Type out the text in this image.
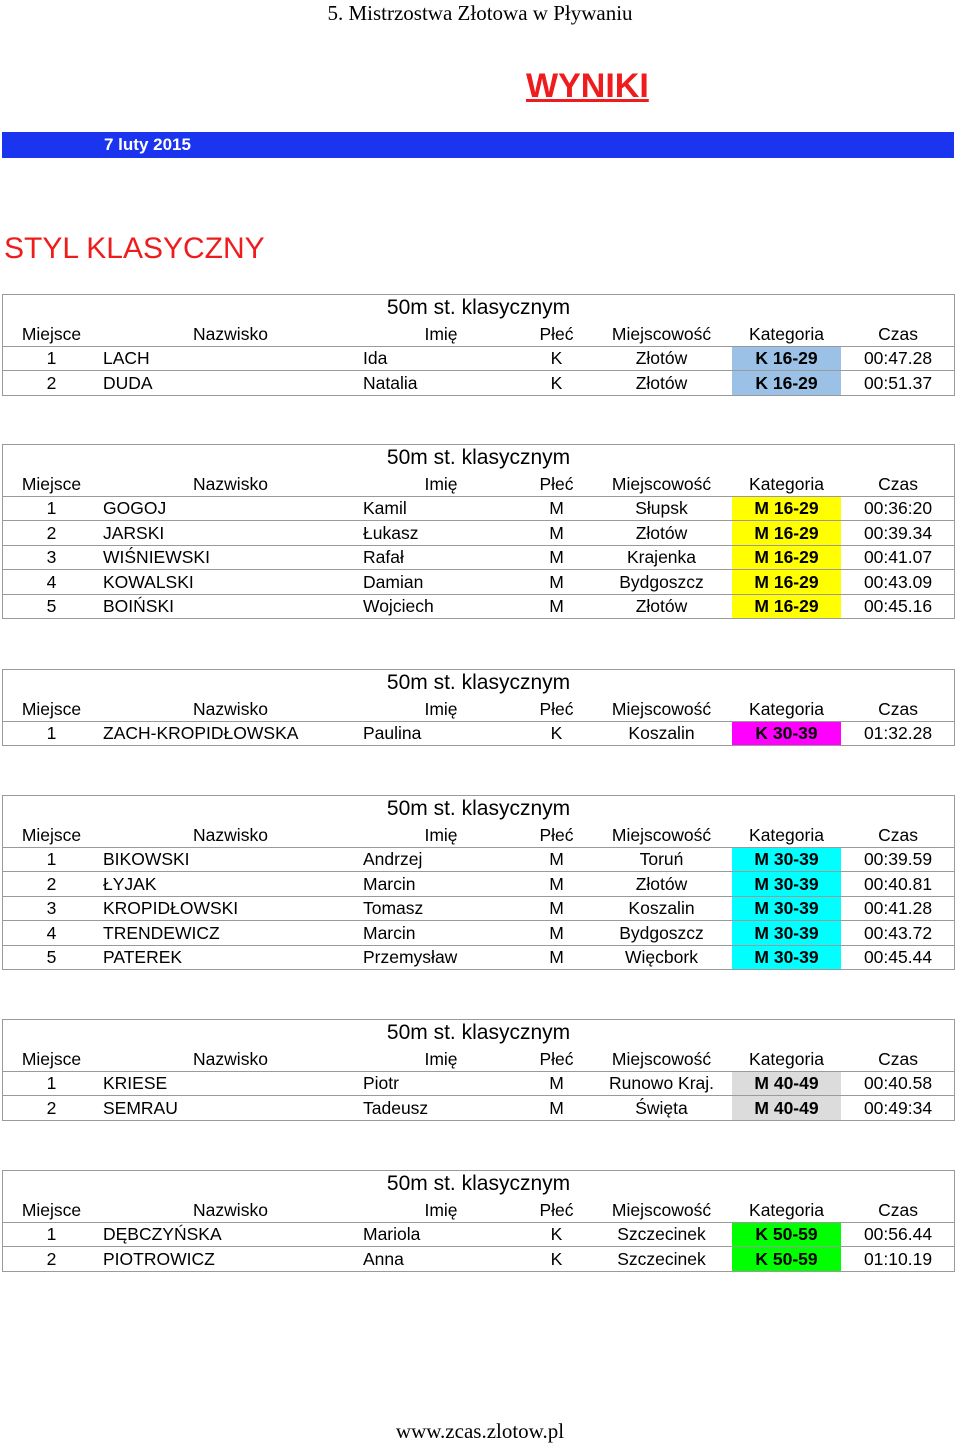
5. Mistrzostwa Złotowa w Pływaniu
WYNIKI
7 luty 2015
STYL KLASYCZNY
50m st. klasycznym						
Miejsce	Nazwisko	Imię	Płeć	Miejscowość	Kategoria	Czas
1	LACH	Ida	K	Złotów	K 16-29	00:47.28
2	DUDA	Natalia	K	Złotów	K 16-29	00:51.37
50m st. klasycznym						
Miejsce	Nazwisko	Imię	Płeć	Miejscowość	Kategoria	Czas
1	GOGOJ	Kamil	M	Słupsk	M 16-29	00:36:20
2	JARSKI	Łukasz	M	Złotów	M 16-29	00:39.34
3	WIŚNIEWSKI	Rafał	M	Krajenka	M 16-29	00:41.07
4	KOWALSKI	Damian	M	Bydgoszcz	M 16-29	00:43.09
5	BOIŃSKI	Wojciech	M	Złotów	M 16-29	00:45.16
50m st. klasycznym						
Miejsce	Nazwisko	Imię	Płeć	Miejscowość	Kategoria	Czas
1	ZACH-KROPIDŁOWSKA	Paulina	K	Koszalin	K 30-39	01:32.28
50m st. klasycznym						
Miejsce	Nazwisko	Imię	Płeć	Miejscowość	Kategoria	Czas
1	BIKOWSKI	Andrzej	M	Toruń	M 30-39	00:39.59
2	ŁYJAK	Marcin	M	Złotów	M 30-39	00:40.81
3	KROPIDŁOWSKI	Tomasz	M	Koszalin	M 30-39	00:41.28
4	TRENDEWICZ	Marcin	M	Bydgoszcz	M 30-39	00:43.72
5	PATEREK	Przemysław	M	Więcbork	M 30-39	00:45.44
50m st. klasycznym						
Miejsce	Nazwisko	Imię	Płeć	Miejscowość	Kategoria	Czas
1	KRIESE	Piotr	M	Runowo Kraj.	M 40-49	00:40.58
2	SEMRAU	Tadeusz	M	Święta	M 40-49	00:49:34
50m st. klasycznym						
Miejsce	Nazwisko	Imię	Płeć	Miejscowość	Kategoria	Czas
1	DĘBCZYŃSKA	Mariola	K	Szczecinek	K 50-59	00:56.44
2	PIOTROWICZ	Anna	K	Szczecinek	K 50-59	01:10.19
www.zcas.zlotow.pl
